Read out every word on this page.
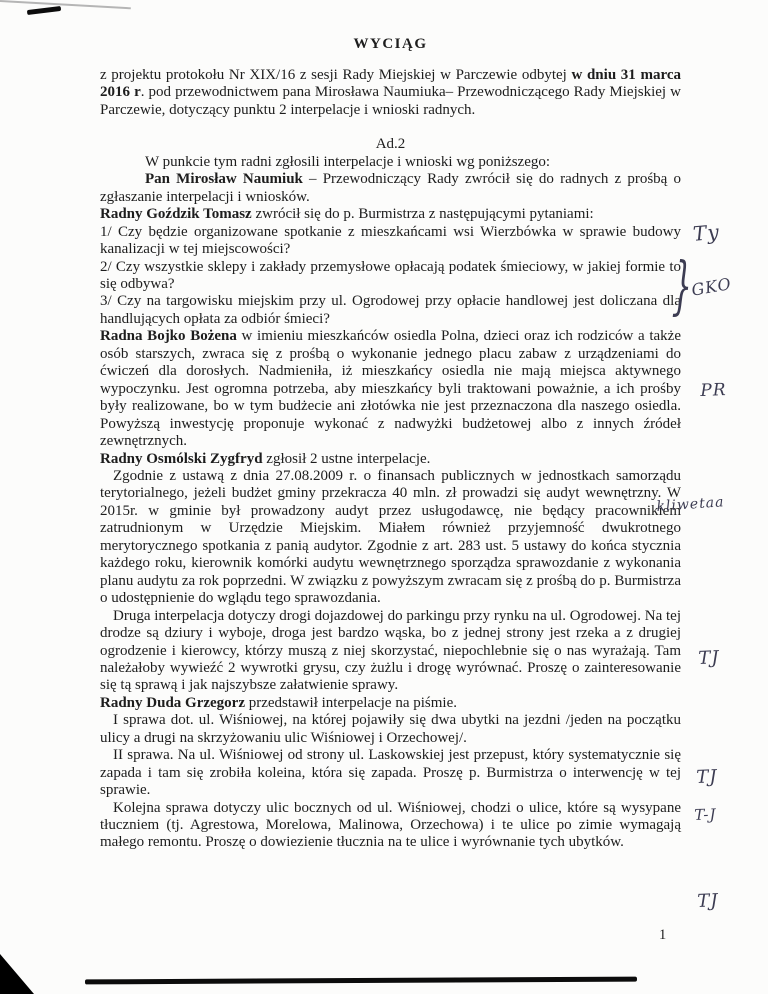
WYCIĄG

z projektu protokołu Nr XIX/16 z sesji Rady Miejskiej w Parczewie odbytej w dniu 31 marca 2016 r. pod przewodnictwem pana Mirosława Naumiuka– Przewodniczącego Rady Miejskiej w Parczewie, dotyczący punktu 2 interpelacje i wnioski radnych.

Ad.2

W punkcie tym radni zgłosili interpelacje i wnioski wg poniższego:

Pan Mirosław Naumiuk – Przewodniczący Rady zwrócił się do radnych z prośbą o zgłaszanie interpelacji i wniosków.

Radny Goździk Tomasz zwrócił się do p. Burmistrza z następującymi pytaniami:

1/ Czy będzie organizowane spotkanie z mieszkańcami wsi Wierzbówka w sprawie budowy kanalizacji w tej miejscowości?

2/ Czy wszystkie sklepy i zakłady przemysłowe opłacają podatek śmieciowy, w jakiej formie to się odbywa?

3/ Czy na targowisku miejskim przy ul. Ogrodowej przy opłacie handlowej jest doliczana dla handlujących opłata za odbiór śmieci?

Radna Bojko Bożena w imieniu mieszkańców osiedla Polna, dzieci oraz ich rodziców a także osób starszych, zwraca się z prośbą o wykonanie jednego placu zabaw z urządzeniami do ćwiczeń dla dorosłych. Nadmieniła, iż mieszkańcy osiedla nie mają miejsca aktywnego wypoczynku. Jest ogromna potrzeba, aby mieszkańcy byli traktowani poważnie, a ich prośby były realizowane, bo w tym budżecie ani złotówka nie jest przeznaczona dla naszego osiedla. Powyższą inwestycję proponuje wykonać z nadwyżki budżetowej albo z innych źródeł zewnętrznych.

Radny Osmólski Zygfryd zgłosił 2 ustne interpelacje.

Zgodnie z ustawą z dnia 27.08.2009 r. o finansach publicznych w jednostkach samorządu terytorialnego, jeżeli budżet gminy przekracza 40 mln. zł prowadzi się audyt wewnętrzny. W 2015r. w gminie był prowadzony audyt przez usługodawcę, nie będący pracownikiem zatrudnionym w Urzędzie Miejskim. Miałem również przyjemność dwukrotnego merytorycznego spotkania z panią audytor. Zgodnie z art. 283 ust. 5 ustawy do końca stycznia każdego roku, kierownik komórki audytu wewnętrznego sporządza sprawozdanie z wykonania planu audytu za rok poprzedni. W związku z powyższym zwracam się z prośbą do p. Burmistrza o udostępnienie do wglądu tego sprawozdania.

Druga interpelacja dotyczy drogi dojazdowej do parkingu przy rynku na ul. Ogrodowej. Na tej drodze są dziury i wyboje, droga jest bardzo wąska, bo z jednej strony jest rzeka a z drugiej ogrodzenie i kierowcy, którzy muszą z niej skorzystać, niepochlebnie się o nas wyrażają. Tam należałoby wywieźć 2 wywrotki grysu, czy żużlu i drogę wyrównać. Proszę o zainteresowanie się tą sprawą i jak najszybsze załatwienie sprawy.

Radny Duda Grzegorz przedstawił interpelacje na piśmie.

I sprawa dot. ul. Wiśniowej, na której pojawiły się dwa ubytki na jezdni /jeden na początku ulicy a drugi na skrzyżowaniu ulic Wiśniowej i Orzechowej/.

II sprawa. Na ul. Wiśniowej od strony ul. Laskowskiej jest przepust, który systematycznie się zapada i tam się zrobiła koleina, która się zapada. Proszę p. Burmistrza o interwencję w tej sprawie.

Kolejna sprawa dotyczy ulic bocznych od ul. Wiśniowej, chodzi o ulice, które są wysypane tłuczniem (tj. Agrestowa, Morelowa, Malinowa, Orzechowa) i te ulice po zimie wymagają małego remontu. Proszę o dowiezienie tłucznia na te ulice i wyrównanie tych ubytków.

1
Ty
}
GKO
PR
kliwetaa
TJ
TJ
T-J
TJ
